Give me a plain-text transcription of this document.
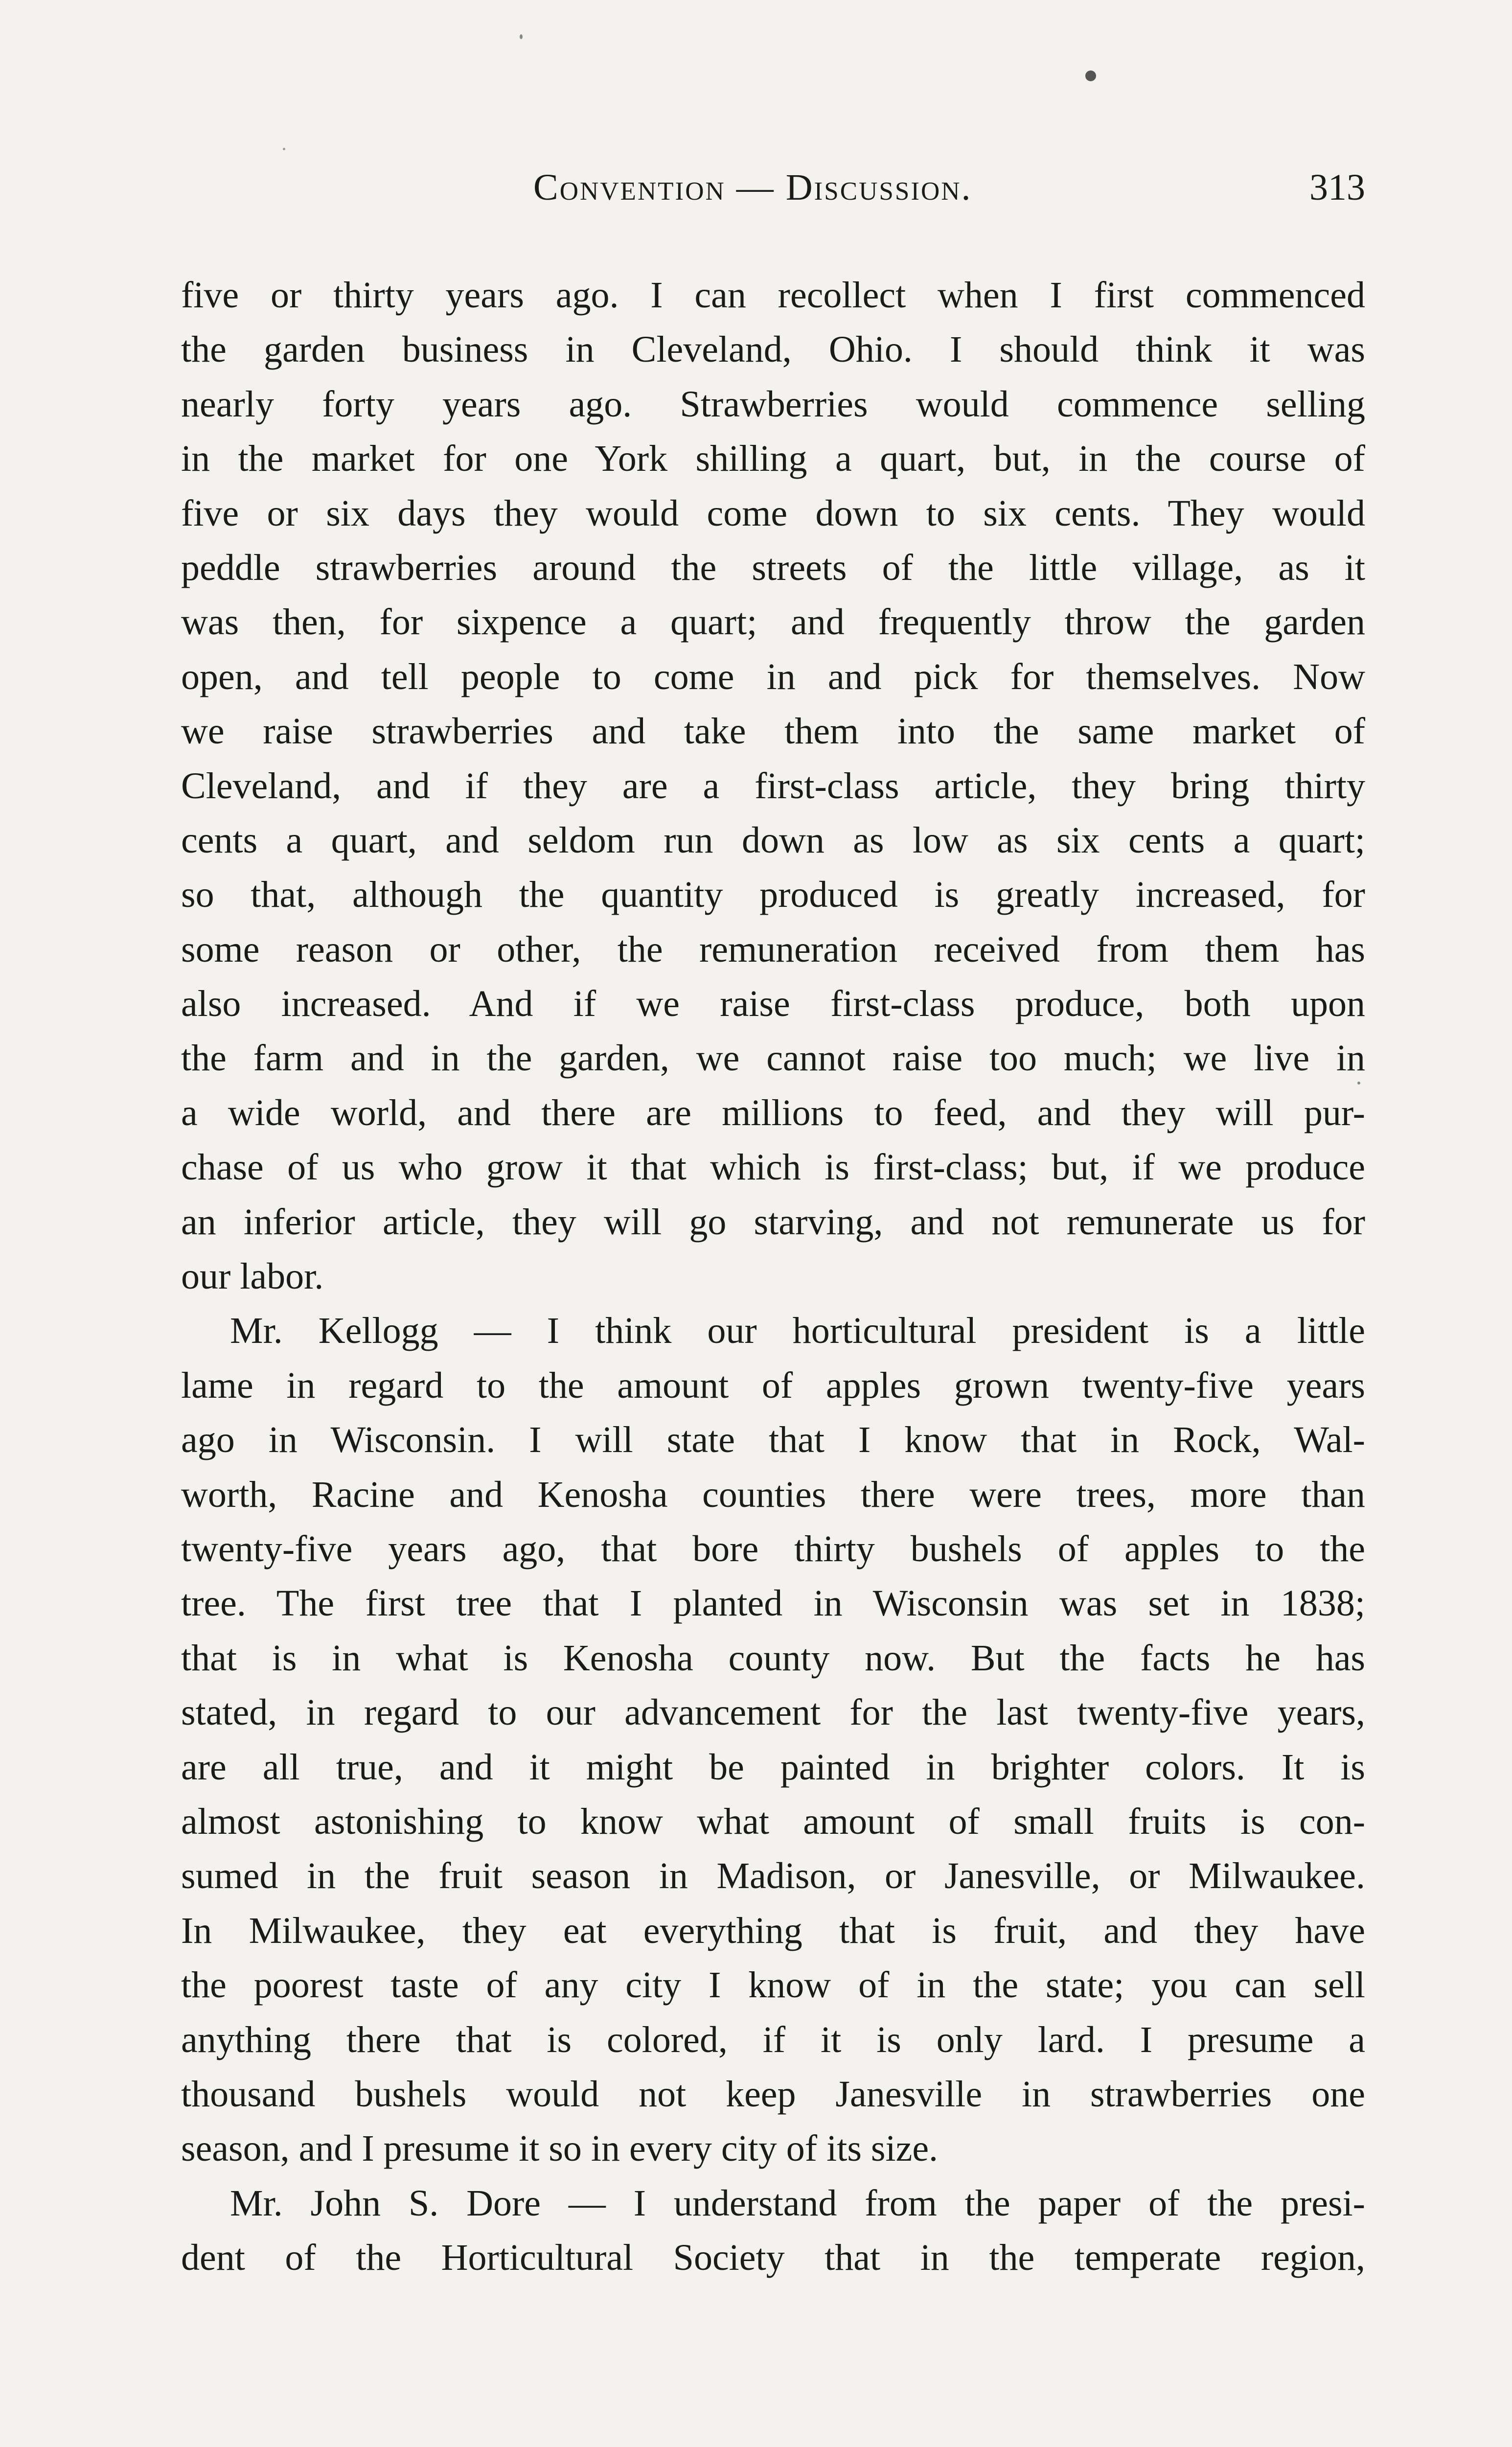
Convention — Discussion.	313
five or thirty years ago. I can recollect when I first commenced
the garden business in Cleveland, Ohio. I should think it was
nearly forty years ago. Strawberries would commence selling
in the market for one York shilling a quart, but, in the course of
five or six days they would come down to six cents. They would
peddle strawberries around the streets of the little village, as it
was then, for sixpence a quart; and frequently throw the garden
open, and tell people to come in and pick for themselves. Now
we raise strawberries and take them into the same market of
Cleveland, and if they are a first-class article, they bring thirty
cents a quart, and seldom run down as low as six cents a quart;
so that, although the quantity produced is greatly increased, for
some reason or other, the remuneration received from them has
also increased. And if we raise first-class produce, both upon
the farm and in the garden, we cannot raise too much; we live in
a wide world, and there are millions to feed, and they will pur-
chase of us who grow it that which is first-class; but, if we produce
an inferior article, they will go starving, and not remunerate us for
our labor.
Mr. Kellogg — I think our horticultural president is a little
lame in regard to the amount of apples grown twenty-five years
ago in Wisconsin. I will state that I know that in Rock, Wal-
worth, Racine and Kenosha counties there were trees, more than
twenty-five years ago, that bore thirty bushels of apples to the
tree. The first tree that I planted in Wisconsin was set in 1838;
that is in what is Kenosha county now. But the facts he has
stated, in regard to our advancement for the last twenty-five years,
are all true, and it might be painted in brighter colors. It is
almost astonishing to know what amount of small fruits is con-
sumed in the fruit season in Madison, or Janesville, or Milwaukee.
In Milwaukee, they eat everything that is fruit, and they have
the poorest taste of any city I know of in the state; you can sell
anything there that is colored, if it is only lard. I presume a
thousand bushels would not keep Janesville in strawberries one
season, and I presume it so in every city of its size.
Mr. John S. Dore — I understand from the paper of the presi-
dent of the Horticultural Society that in the temperate region,
